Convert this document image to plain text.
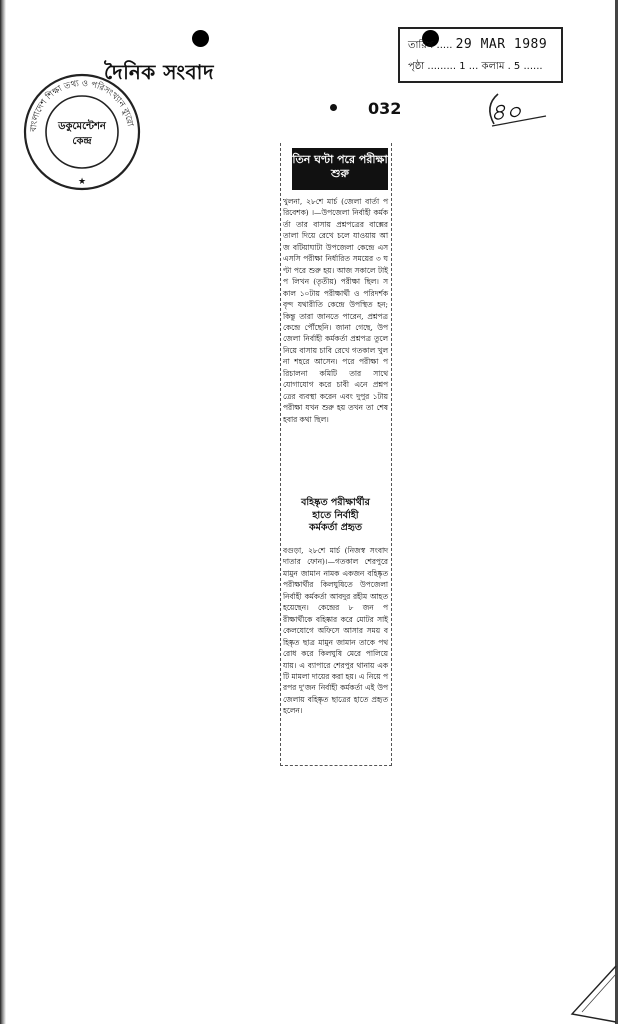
বাংলাদেশ শিক্ষা তথ্য ও পরিসংখ্যান ব্যুরো
ডকুমেন্টেশন
কেন্দ্র
★
দৈনিক সংবাদ
032
তারিখ ..... 29 MAR 1989
পৃষ্ঠা ......... 1 ... কলাম . 5 ......
৪০
তিন ঘণ্টা পরে পরীক্ষা শুরু

খুলনা, ২৮শে মার্চ (জেলা বার্তা পরিবেশক) ।—উপজেলা নির্বাহী কর্মকর্তা তার বাসায় প্রশ্নপত্রের বাক্সের তালা দিয়ে রেখে চলে যাওয়ায় আজ বটিয়াঘাটা উপজেলা কেন্দ্রে এসএসসি পরীক্ষা নির্ধারিত সময়ের ৩ ঘণ্টা পরে শুরু হয়। আজ সকালে টাইপ লিখন (তৃতীয়) পরীক্ষা ছিল। সকাল ১০টায় পরীক্ষার্থী ও পরিদর্শকবৃন্দ যথারীতি কেন্দ্রে উপস্থিত হন; কিন্তু তারা জানতে পারেন, প্রশ্নপত্র কেন্দ্রে পৌঁছেনি। জানা গেছে, উপজেলা নির্বাহী কর্মকর্তা প্রশ্নপত্র তুলে নিয়ে বাসায় চাবি রেখে গতকাল খুলনা শহরে আসেন। পরে পরীক্ষা পরিচালনা কমিটি তার সাথে যোগাযোগ করে চাবী এনে প্রশ্নপত্রের ব্যবস্থা করেন এবং দুপুর ১টায় পরীক্ষা যখন শুরু হয় তখন তা শেষ হবার কথা ছিল।

বহিষ্কৃত পরীক্ষার্থীর
হাতে নির্বাহী
কর্মকর্তা প্রহৃত

বগুড়া, ২৮শে মার্চ (নিজস্ব সংবাদদাতার ফোন)।—গতকাল শেরপুরে মামুন জামান নামক একজন বহিষ্কৃত পরীক্ষার্থীর কিলঘুষিতে উপজেলা নির্বাহী কর্মকর্তা আবদুর রহীম আহত হয়েছেন। কেন্দ্রের ৮ জন পরীক্ষার্থীকে বহিষ্কার করে মোটর সাইকেলযোগে অফিসে আসার সময় বহিষ্কৃত ছাত্র মামুন জামান তাকে পথরোধ করে কিলঘুষি মেরে পালিয়ে যায়। এ ব্যাপারে শেরপুর থানায় একটি মামলা দায়ের করা হয়। এ নিয়ে পরপর দু'জন নির্বাহী কর্মকর্তা এই উপজেলায় বহিষ্কৃত ছাত্রের হাতে প্রহৃত হলেন।
